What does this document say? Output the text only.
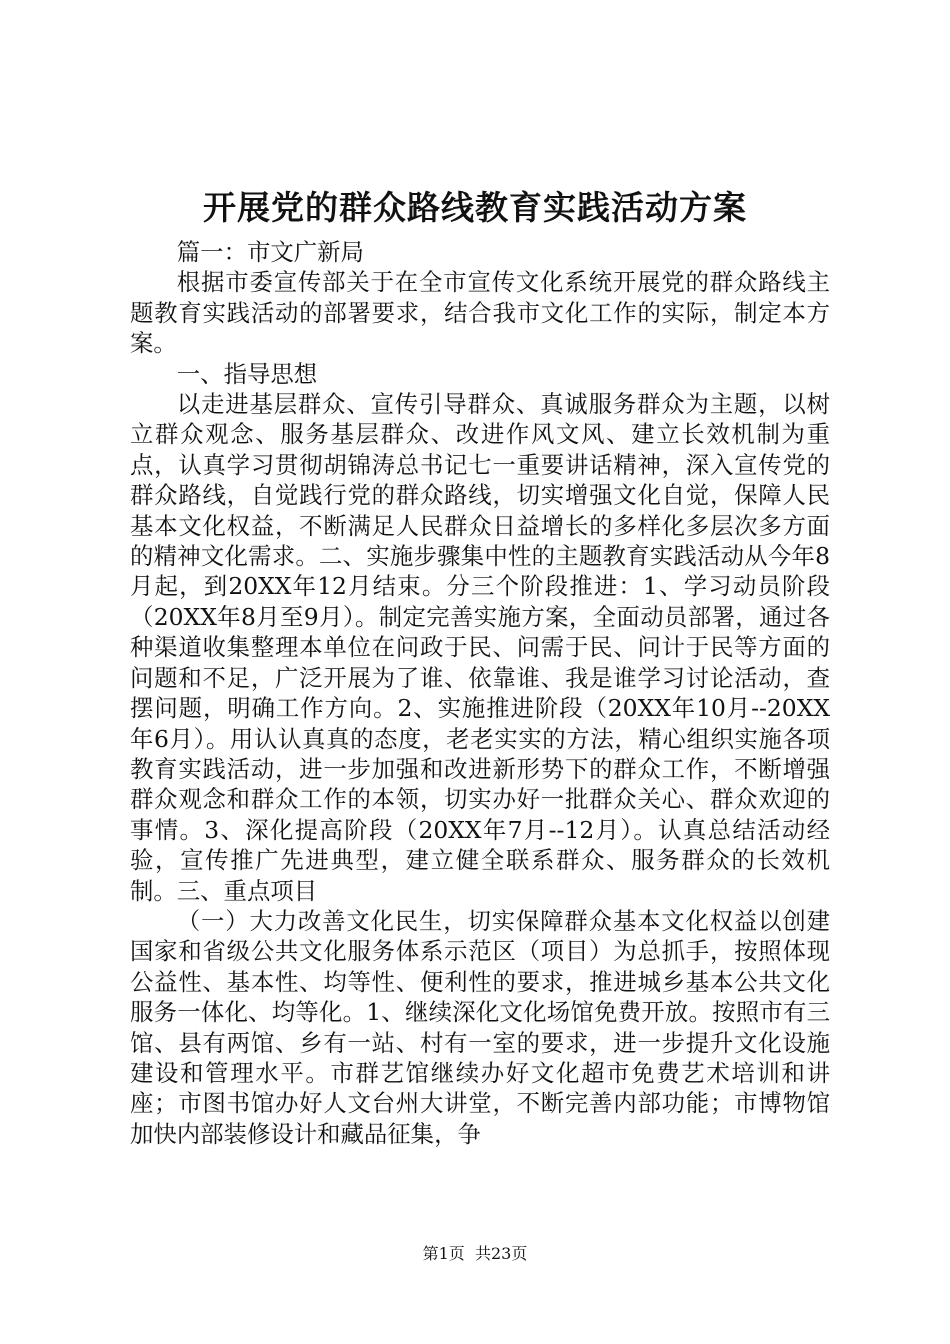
开展党的群众路线教育实践活动方案

篇一：市文广新局

根据市委宣传部关于在全市宣传文化系统开展党的群众路线主题教育实践活动的部署要求，结合我市文化工作的实际，制定本方案。

一、指导思想

以走进基层群众、宣传引导群众、真诚服务群众为主题，以树立群众观念、服务基层群众、改进作风文风、建立长效机制为重点，认真学习贯彻胡锦涛总书记七一重要讲话精神，深入宣传党的群众路线，自觉践行党的群众路线，切实增强文化自觉，保障人民基本文化权益，不断满足人民群众日益增长的多样化多层次多方面的精神文化需求。二、实施步骤集中性的主题教育实践活动从今年8月起，到20XX年12月结束。分三个阶段推进：1、学习动员阶段（20XX年8月至9月）。制定完善实施方案，全面动员部署，通过各种渠道收集整理本单位在问政于民、问需于民、问计于民等方面的问题和不足，广泛开展为了谁、依靠谁、我是谁学习讨论活动，查摆问题，明确工作方向。2、实施推进阶段（20XX年10月--20XX年6月）。用认认真真的态度，老老实实的方法，精心组织实施各项教育实践活动，进一步加强和改进新形势下的群众工作，不断增强群众观念和群众工作的本领，切实办好一批群众关心、群众欢迎的事情。3、深化提高阶段（20XX年7月--12月）。认真总结活动经验，宣传推广先进典型，建立健全联系群众、服务群众的长效机制。三、重点项目

（一）大力改善文化民生，切实保障群众基本文化权益以创建国家和省级公共文化服务体系示范区（项目）为总抓手，按照体现公益性、基本性、均等性、便利性的要求，推进城乡基本公共文化服务一体化、均等化。1、继续深化文化场馆免费开放。按照市有三馆、县有两馆、乡有一站、村有一室的要求，进一步提升文化设施建设和管理水平。市群艺馆继续办好文化超市免费艺术培训和讲座；市图书馆办好人文台州大讲堂，不断完善内部功能；市博物馆加快内部装修设计和藏品征集，争

第1页 共23页
